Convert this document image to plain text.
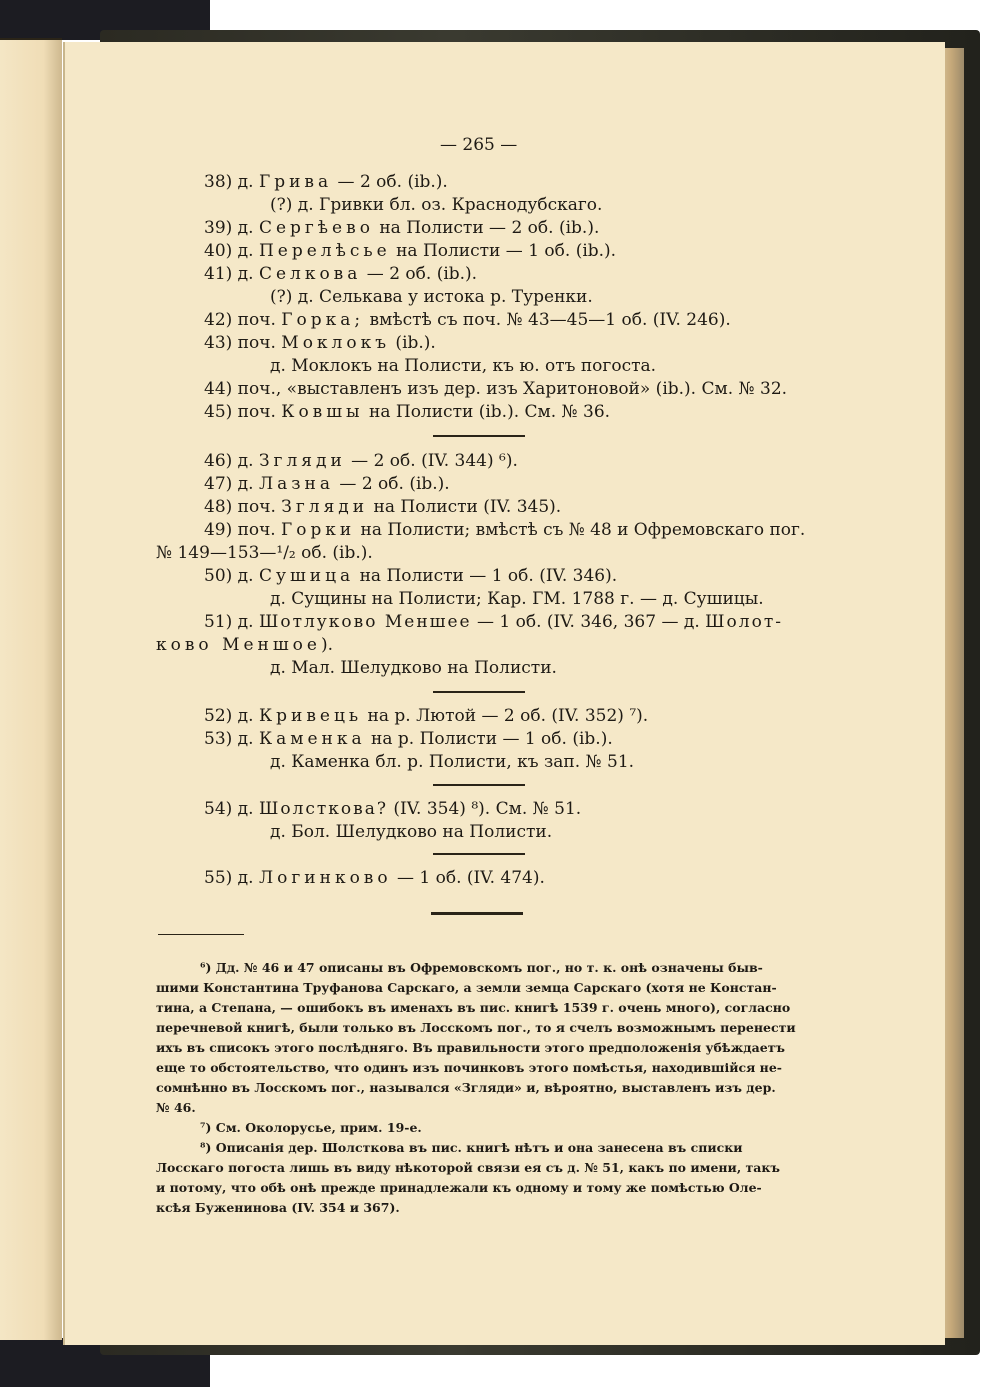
— 265 —
38) д. Грива — 2 об. (ib.).
(?) д. Гривки бл. оз. Краснодубскаго.
39) д. Сергѣево на Полисти — 2 об. (ib.).
40) д. Перелѣсье на Полисти — 1 об. (ib.).
41) д. Селкова — 2 об. (ib.).
(?) д. Селькава у истока р. Туренки.
42) поч. Горка; вмѣстѣ съ поч. № 43—45—1 об. (IV. 246).
43) поч. Моклокъ (ib.).
д. Моклокъ на Полисти, къ ю. отъ погоста.
44) поч., «выставленъ изъ дер. изъ Харитоновой» (ib.). См. № 32.
45) поч. Ковшы на Полисти (ib.). См. № 36.
46) д. Згляди — 2 об. (IV. 344) ⁶).
47) д. Лазна — 2 об. (ib.).
48) поч. Згляди на Полисти (IV. 345).
49) поч. Горки на Полисти; вмѣстѣ съ № 48 и Офремовскаго пог.
№ 149—153—¹/₂ об. (ib.).
50) д. Сушица на Полисти — 1 об. (IV. 346).
д. Сущины на Полисти; Кар. ГМ. 1788 г. — д. Сушицы.
51) д. Шотлуково Меншее — 1 об. (IV. 346, 367 — д. Шолот-
ково Меншое).
д. Мал. Шелудково на Полисти.
52) д. Кривець на р. Лютой — 2 об. (IV. 352) ⁷).
53) д. Каменка на р. Полисти — 1 об. (ib.).
д. Каменка бл. р. Полисти, къ зап. № 51.
54) д. Шолсткова? (IV. 354) ⁸). См. № 51.
д. Бол. Шелудково на Полисти.
55) д. Логинково — 1 об. (IV. 474).
⁶) Дд. № 46 и 47 описаны въ Офремовскомъ пог., но т. к. онѣ означены быв-
шими Константина Труфанова Сарскаго, а земли земца Сарскаго (хотя не Констан-
тина, а Степана, — ошибокъ въ именахъ въ пис. книгѣ 1539 г. очень много), согласно
перечневой книгѣ, были только въ Лосскомъ пог., то я счелъ возможнымъ перенести
ихъ въ списокъ этого послѣдняго. Въ правильности этого предположенія убѣждаетъ
еще то обстоятельство, что одинъ изъ починковъ этого помѣстья, находившійся не-
сомнѣнно въ Лосскомъ пог., назывался «Згляди» и, вѣроятно, выставленъ изъ дер.
№ 46.
⁷) См. Околорусье, прим. 19-е.
⁸) Описанія дер. Шолсткова въ пис. книгѣ нѣтъ и она занесена въ списки
Лосскаго погоста лишь въ виду нѣкоторой связи ея съ д. № 51, какъ по имени, такъ
и потому, что обѣ онѣ прежде принадлежали къ одному и тому же помѣстью Оле-
ксѣя Буженинова (IV. 354 и 367).
